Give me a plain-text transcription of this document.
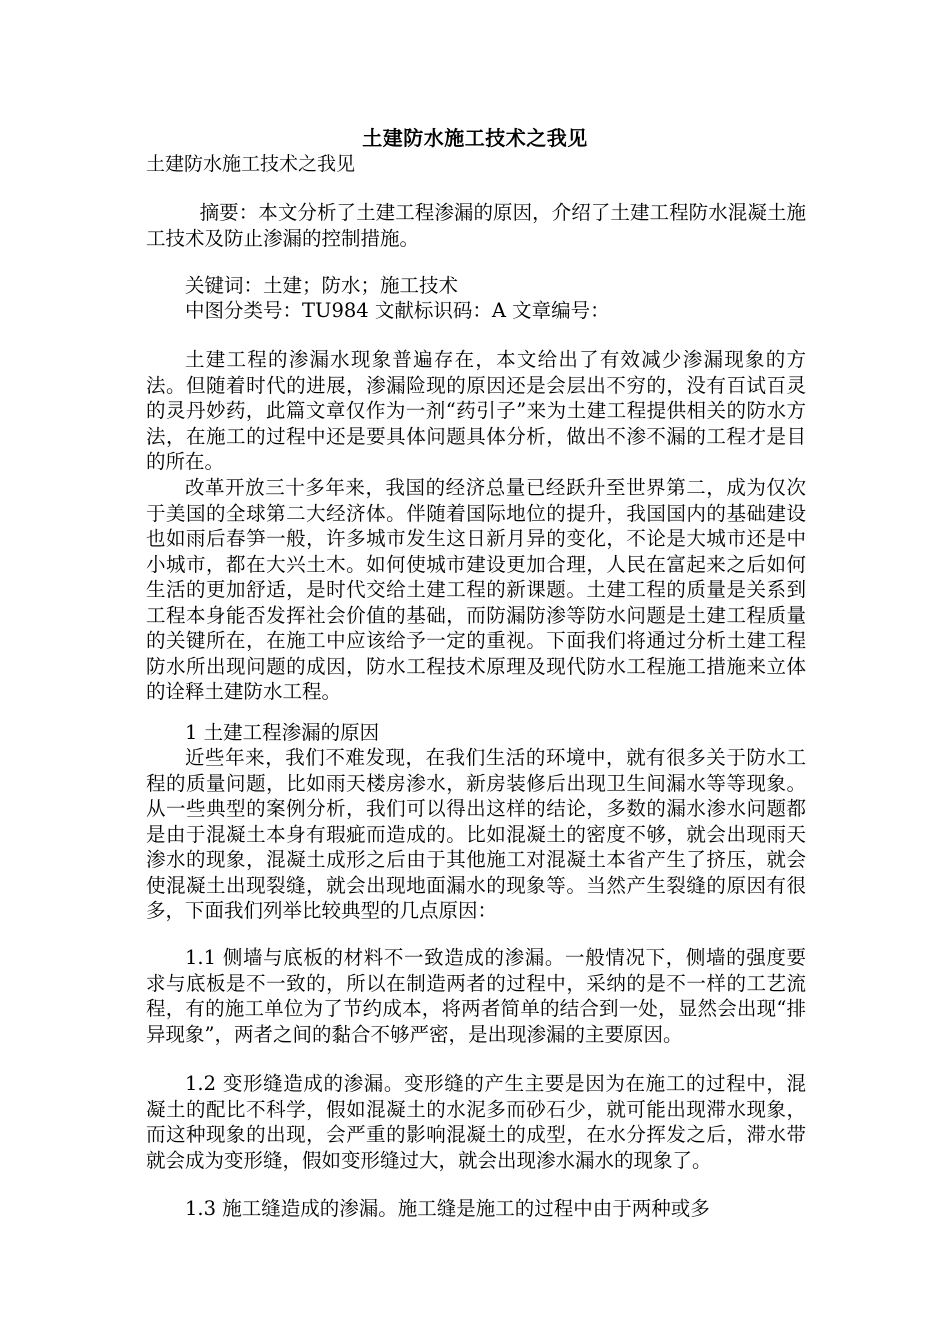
土建防水施工技术之我见
土建防水施工技术之我见

摘要：本文分析了土建工程渗漏的原因，介绍了土建工程防水混凝土施工技术及防止渗漏的控制措施。

关键词：土建；防水；施工技术
中图分类号：TU984 文献标识码：A 文章编号：

土建工程的渗漏水现象普遍存在，本文给出了有效减少渗漏现象的方法。但随着时代的进展，渗漏险现的原因还是会层出不穷的，没有百试百灵的灵丹妙药，此篇文章仅作为一剂“药引子”来为土建工程提供相关的防水方法，在施工的过程中还是要具体问题具体分析，做出不渗不漏的工程才是目的所在。

改革开放三十多年来，我国的经济总量已经跃升至世界第二，成为仅次于美国的全球第二大经济体。伴随着国际地位的提升，我国国内的基础建设也如雨后春笋一般，许多城市发生这日新月异的变化，不论是大城市还是中小城市，都在大兴土木。如何使城市建设更加合理，人民在富起来之后如何生活的更加舒适，是时代交给土建工程的新课题。土建工程的质量是关系到工程本身能否发挥社会价值的基础，而防漏防渗等防水问题是土建工程质量的关键所在，在施工中应该给予一定的重视。下面我们将通过分析土建工程防水所出现问题的成因，防水工程技术原理及现代防水工程施工措施来立体的诠释土建防水工程。

1 土建工程渗漏的原因

近些年来，我们不难发现，在我们生活的环境中，就有很多关于防水工程的质量问题，比如雨天楼房渗水，新房装修后出现卫生间漏水等等现象。从一些典型的案例分析，我们可以得出这样的结论，多数的漏水渗水问题都是由于混凝土本身有瑕疵而造成的。比如混凝土的密度不够，就会出现雨天渗水的现象，混凝土成形之后由于其他施工对混凝土本省产生了挤压，就会使混凝土出现裂缝，就会出现地面漏水的现象等。当然产生裂缝的原因有很多，下面我们列举比较典型的几点原因：

1.1 侧墙与底板的材料不一致造成的渗漏。一般情况下，侧墙的强度要求与底板是不一致的，所以在制造两者的过程中，采纳的是不一样的工艺流程，有的施工单位为了节约成本，将两者简单的结合到一处，显然会出现“排异现象”，两者之间的黏合不够严密，是出现渗漏的主要原因。

1.2 变形缝造成的渗漏。变形缝的产生主要是因为在施工的过程中，混凝土的配比不科学，假如混凝土的水泥多而砂石少，就可能出现滞水现象，而这种现象的出现，会严重的影响混凝土的成型，在水分挥发之后，滞水带就会成为变形缝，假如变形缝过大，就会出现渗水漏水的现象了。

1.3 施工缝造成的渗漏。施工缝是施工的过程中由于两种或多
